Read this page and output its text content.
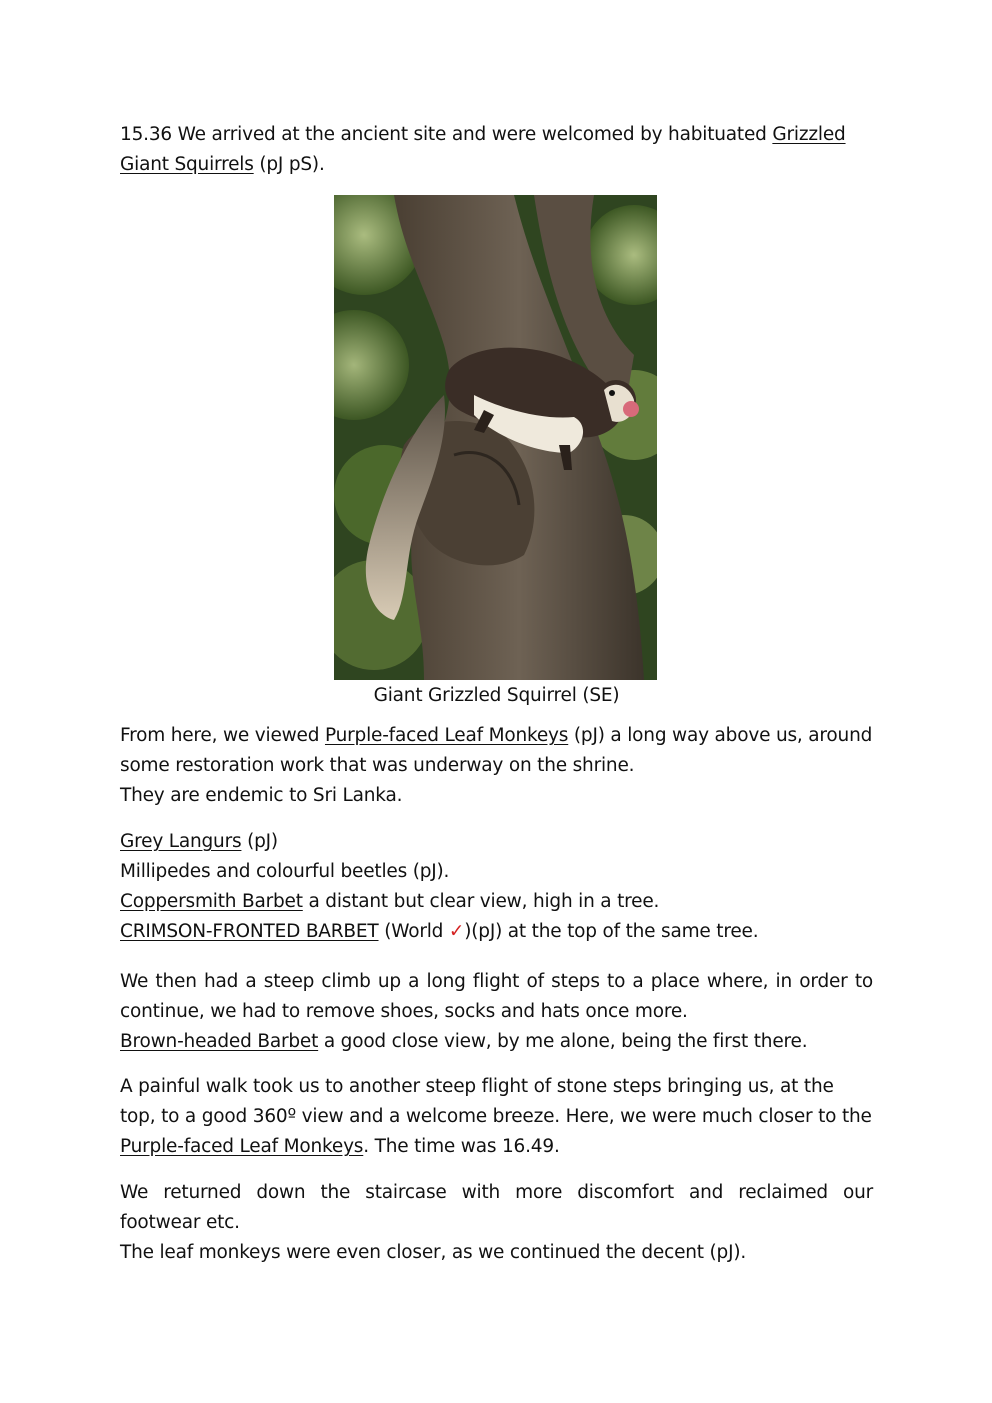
15.36 We arrived at the ancient site and were welcomed by habituated Grizzled Giant Squirrels (pJ pS).

Giant Grizzled Squirrel (SE)

From here, we viewed Purple-faced Leaf Monkeys (pJ) a long way above us, around some restoration work that was underway on the shrine.
They are endemic to Sri Lanka.

Grey Langurs (pJ)
Millipedes and colourful beetles (pJ).
Coppersmith Barbet a distant but clear view, high in a tree.
CRIMSON-FRONTED BARBET (World ✓)(pJ) at the top of the same tree.

We then had a steep climb up a long flight of steps to a place where, in order to
continue, we had to remove shoes, socks and hats once more.
Brown-headed Barbet a good close view, by me alone, being the first there.

A painful walk took us to another steep flight of stone steps bringing us, at the top, to a good 360º view and a welcome breeze. Here, we were much closer to the Purple-faced Leaf Monkeys. The time was 16.49.

We returned down the staircase with more discomfort and reclaimed our
footwear etc.
The leaf monkeys were even closer, as we continued the decent (pJ).
